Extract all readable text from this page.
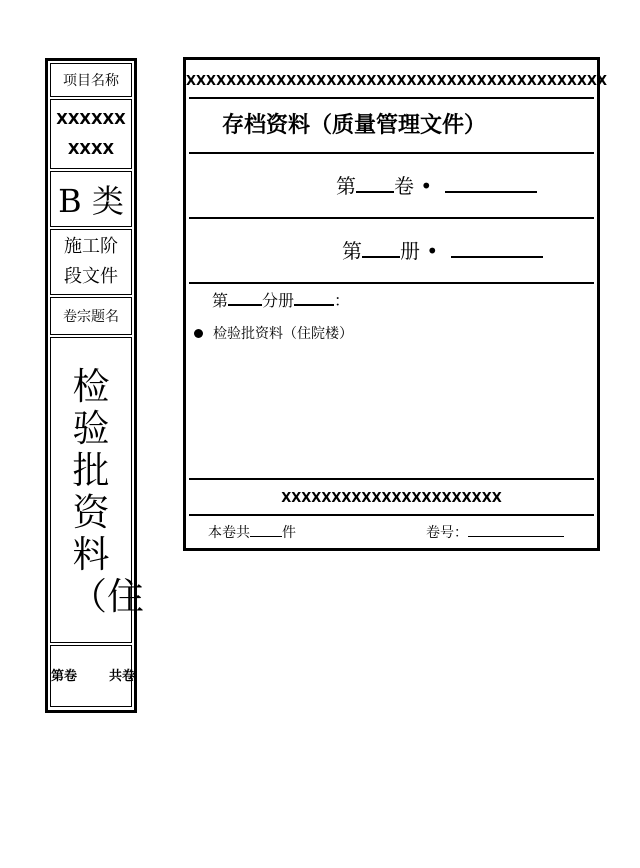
项目名称
XXXXXXXXXX
B 类
施工阶段文件
卷宗题名
检验批资料（住
第 卷 共 卷
XXXXXXXXXXXXXXXXXXXXXXXXXXXXXXXXXXXXXXXXXX
存档资料（质量管理文件）
第 卷 •
第 册 •
第 分册	：
检验批资料（住院楼）
XXXXXXXXXXXXXXXXXXXXXX
本卷共 件	卷号：
